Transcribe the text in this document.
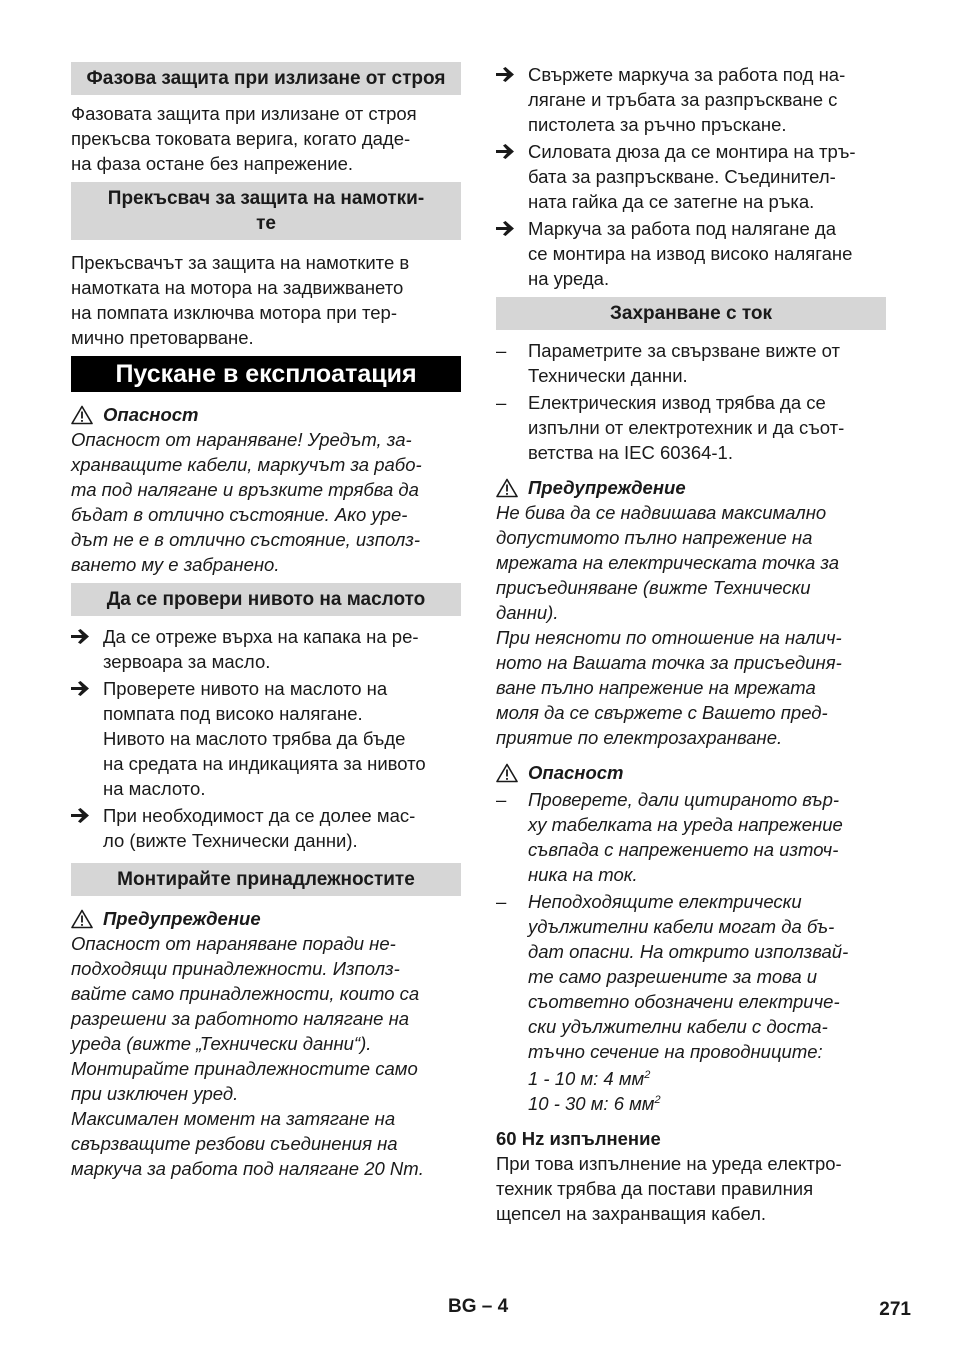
Фазова защита при излизане от строя

Фазовата защита при излизане от строя

прекъсва токовата верига, когато даде-

на фаза остане без напрежение.

Прекъсвач за защита на намотки-
те

Прекъсвачът за защита на намотките в

намотката на мотора на задвижването

на помпата изключва мотора при тер-

мично претоварване.

Пускане в експлоатация
Опасност

Опасност от нараняване! Уредът, за-

хранващите кабели, маркучът за рабо-

та под налягане и връзките трябва да

бъдат в отлично състояние. Ако уре-

дът не е в отлично състояние, използ-

ването му е забранено.

Да се провери нивото на маслото
Да се отреже върха на капака на ре-
зервоара за масло.
Проверете нивото на маслото на
помпата под високо налягане.
Нивото на маслото трябва да бъде
на средата на индикацията за нивото
на маслото.
При необходимост да се долее мас-
ло (вижте Технически данни).
Монтирайте принадлежностите
Предупреждение

Опасност от нараняване поради не-

подходящи принадлежности. Използ-

вайте само принадлежности, които са

разрешени за работното налягане на

уреда (вижте „Технически данни“).

Монтирайте принадлежностите само

при изключен уред.

Максимален момент на затягане на

свързващите резбови съединения на

маркуча за работа под налягане 20 Nm.

Свържете маркуча за работа под на-
лягане и тръбата за разпръскване с
пистолета за ръчно пръскане.
Силовата дюза да се монтира на тръ-
бата за разпръскване. Съединител-
ната гайка да се затегне на ръка.
Маркуча за работа под налягане да
се монтира на извод високо налягане
на уреда.
Захранване с ток
–	Параметрите за свързване вижте от
Технически данни.
–	Електрическия извод трябва да се
изпълни от електротехник и да съот-
ветства на IEC 60364-1.
Предупреждение

Не бива да се надвишава максимално

допустимото пълно напрежение на

мрежата на електрическата точка за

присъединяване (вижте Технически

данни).

При неясноти по отношение на налич-

ното на Вашата точка за присъединя-

ване пълно напрежение на мрежата

моля да се свържете с Вашето пред-

приятие по електрозахранване.

Опасност
–	Проверете, дали цитираното вър-
ху табелката на уреда напрежение
съвпада с напрежението на източ-
ника на ток.
–	Неподходящите електрически
удължителни кабели могат да бъ-
дат опасни. На открито използвай-
те само разрешените за това и
съответно обозначени електриче-
ски удължителни кабели с доста-
тъчно сечение на проводниците:
1 - 10 м: 4 $мм^2$
10 - 30 м: 6 $мм^2$
60 Hz изпълнение

При това изпълнение на уреда електро-

техник трябва да постави правилния

щепсел на захранващия кабел.

BG – 4	271
